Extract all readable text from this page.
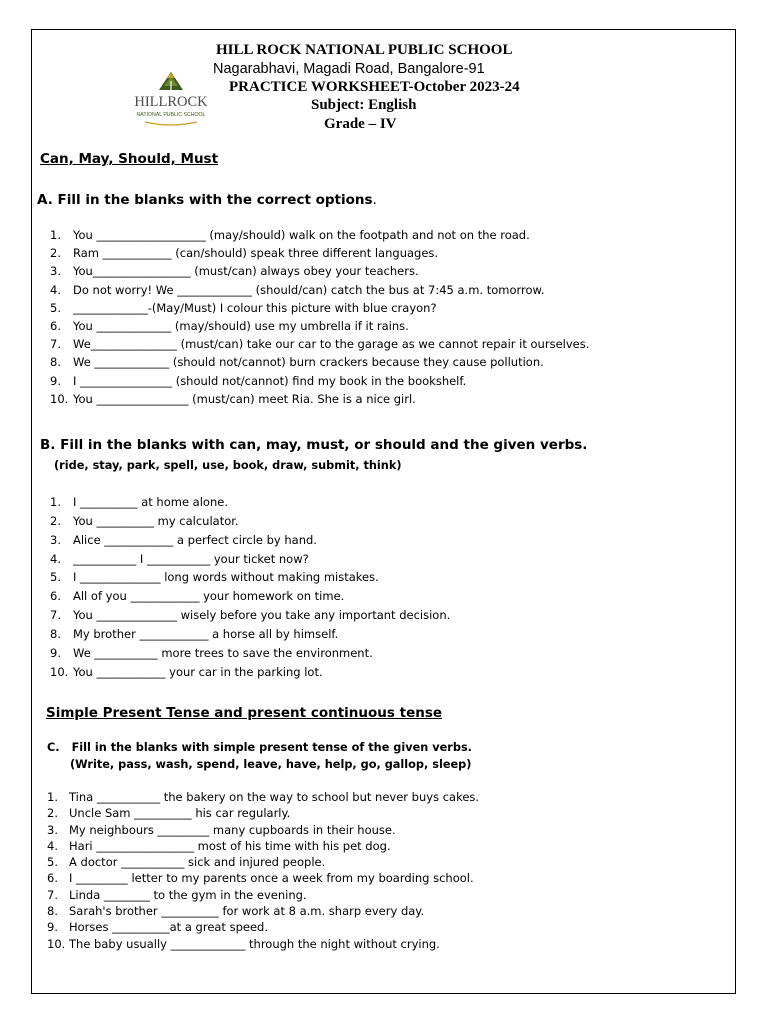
HILL ROCK NATIONAL PUBLIC SCHOOL
Nagarabhavi, Magadi Road, Bangalore-91
PRACTICE WORKSHEET-October 2023-24
Subject: English
Grade – IV
HILLROCK
NATIONAL PUBLIC SCHOOL
Can, May, Should, Must
A. Fill in the blanks with the correct options.
1. You ___________________ (may/should) walk on the footpath and not on the road.
2. Ram ____________ (can/should) speak three different languages.
3. You_________________ (must/can) always obey your teachers.
4. Do not worry! We _____________ (should/can) catch the bus at 7:45 a.m. tomorrow.
5. _____________-(May/Must) I colour this picture with blue crayon?
6. You _____________ (may/should) use my umbrella if it rains.
7. We_______________ (must/can) take our car to the garage as we cannot repair it ourselves.
8. We _____________ (should not/cannot) burn crackers because they cause pollution.
9. I ________________ (should not/cannot) find my book in the bookshelf.
10. You ________________ (must/can) meet Ria. She is a nice girl.
B. Fill in the blanks with can, may, must, or should and the given verbs.
(ride, stay, park, spell, use, book, draw, submit, think)
1. I __________ at home alone.
2. You __________ my calculator.
3. Alice ____________ a perfect circle by hand.
4. ___________ I ___________ your ticket now?
5. I ______________ long words without making mistakes.
6. All of you ____________ your homework on time.
7. You ______________ wisely before you take any important decision.
8. My brother ____________ a horse all by himself.
9. We ___________ more trees to save the environment.
10. You ____________ your car in the parking lot.
Simple Present Tense and present continuous tense
C. Fill in the blanks with simple present tense of the given verbs.
(Write, pass, wash, spend, leave, have, help, go, gallop, sleep)
1. Tina ___________ the bakery on the way to school but never buys cakes.
2. Uncle Sam __________ his car regularly.
3. My neighbours _________ many cupboards in their house.
4. Hari _________________ most of his time with his pet dog.
5. A doctor ___________ sick and injured people.
6. I _________ letter to my parents once a week from my boarding school.
7. Linda ________ to the gym in the evening.
8. Sarah's brother __________ for work at 8 a.m. sharp every day.
9. Horses __________at a great speed.
10. The baby usually _____________ through the night without crying.
